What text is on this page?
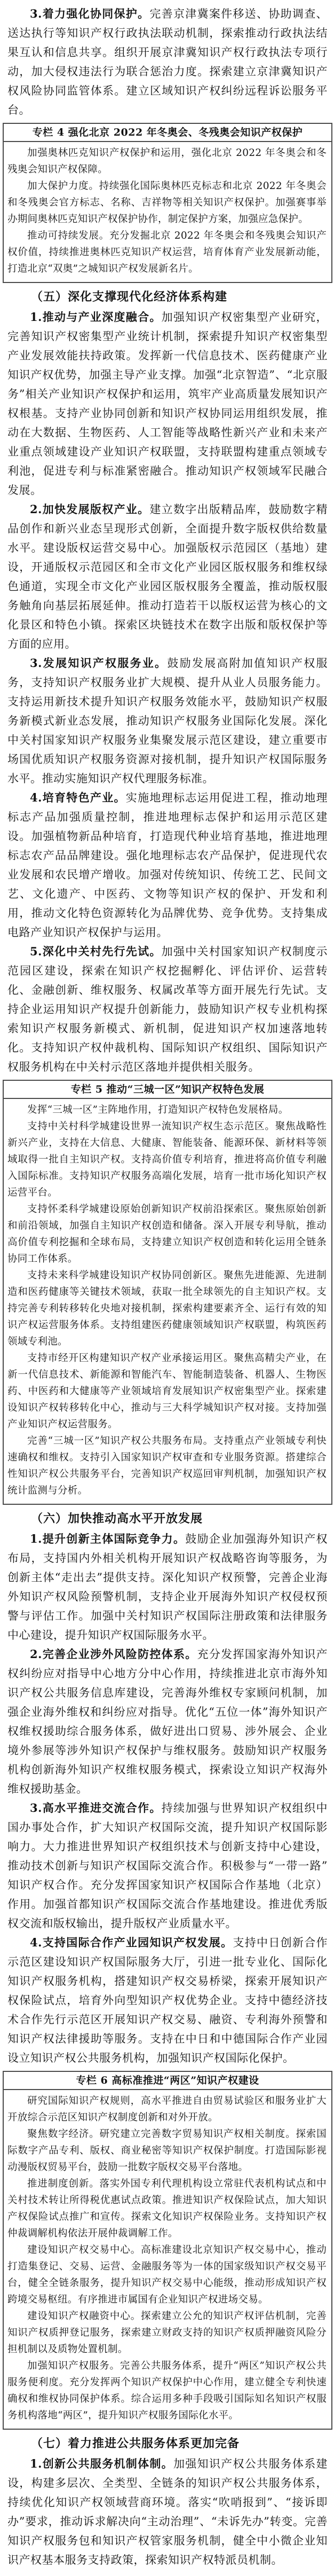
3.着力强化协同保护。完善京津冀案件移送、协助调查、送达执行等知识产权行政执法联动机制，探索推动行政执法结果互认和信息共享。组织开展京津冀知识产权行政执法专项行动，加大侵权违法行为联合惩治力度。探索建立京津冀知识产权风险协同监管体系。建立区域知识产权纠纷远程诉讼服务平台。

专栏 4 强化北京 2022 年冬奥会、冬残奥会知识产权保护

加强奥林匹克知识产权保护和运用，强化北京 2022 年冬奥会和冬残奥会知识产权保障。

加大保护力度。持续强化国际奥林匹克标志和北京 2022 年冬奥会和冬残奥会官方标志、名称、吉祥物等相关知识产权保护。加强赛事举办期间奥林匹克知识产权保护协作，制定保护方案，加强应急保护。

推动可持续发展。充分发掘北京 2022 年冬奥会和冬残奥会知识产权价值，持续推进奥林匹克知识产权运营，培育体育产业发展新动能，打造北京“双奥”之城知识产权发展新名片。

（五）深化支撑现代化经济体系构建

1.推动与产业深度融合。加强知识产权密集型产业研究，完善知识产权密集型产业统计机制，探索提升知识产权密集型产业发展效能扶持政策。发挥新一代信息技术、医药健康产业知识产权优势，加强主导产业支撑。加强“北京智造”、“北京服务”相关产业知识产权保护和运用，筑牢产业高质量发展知识产权根基。支持产业协同创新和知识产权协同运用组织发展，推动在大数据、生物医药、人工智能等战略性新兴产业和未来产业重点领域建设产业知识产权联盟，支持联盟构建重点领域专利池，促进专利与标准紧密融合。推动知识产权领域军民融合发展。

2.加快发展版权产业。建立数字出版精品库，鼓励数字精品创作和新兴业态呈现形式创新，全面提升数字版权供给数量水平。建设版权运营交易中心。加强版权示范园区（基地）建设，开通版权示范园区和全市文化产业园区版权服务和维权绿色通道，实现全市文化产业园区版权服务全覆盖，推动版权服务触角向基层拓展延伸。推动打造若干以版权运营为核心的文化景区和特色小镇。探索区块链技术在数字出版和版权保护等方面的应用。

3.发展知识产权服务业。鼓励发展高附加值知识产权服务，支持知识产权服务业扩大规模、提升从业人员服务能力。支持运用新技术提升知识产权服务效能水平，鼓励知识产权服务新模式新业态发展，推动知识产权服务业国际化发展。深化中关村国家知识产权服务业集聚发展示范区建设，建立重要市场国优质知识产权服务资源对接机制，提升知识产权国际服务水平。推动实施知识产权代理服务标准。

4.培育特色产业。实施地理标志运用促进工程，推动地理标志产品加强质量控制，推进地理标志保护和运用示范区建设。加强植物新品种培育，打造现代种业培育基地，推进地理标志农产品品牌建设。强化地理标志农产品保护，促进现代农业发展和农民增产增收。加强对传统知识、传统工艺、民间文艺、文化遗产、中医药、文物等知识产权的保护、开发和利用，推动文化特色资源转化为品牌优势、竞争优势。支持集成电路产业知识产权保护与运用。

5.深化中关村先行先试。加强中关村国家知识产权制度示范园区建设，探索在知识产权挖掘孵化、评估评价、运营转化、金融创新、维权服务、权属改革等方面开展先行先试。支持企业运用知识产权提升创新能力，鼓励知识产权专业机构探索知识产权服务新模式、新机制，促进知识产权加速落地转化。支持知识产权仲裁机构、国际知识产权组织、国际知识产权服务机构在中关村示范区落地并提供相关服务。

专栏 5 推动“三城一区”知识产权特色发展

发挥“三城一区”主阵地作用，打造知识产权特色发展格局。

支持中关村科学城建设世界一流知识产权生态示范区。聚焦战略性新兴产业，支持在大信息、大健康、智能装备、能源环保、新材料等领域取得一批自主知识产权。支持高价值专利培育，推进将高价值专利融入国际标准。支持知识产权服务高端化发展，培育一批市场化知识产权运营平台。

支持怀柔科学城建设原始创新知识产权前沿探索区。聚焦原始创新和前沿领域，加强自主知识产权创造和储备。深入开展专利导航，推动高价值专利挖掘和全球布局，支持建立知识产权创造和转化运用全链条协同工作体系。

支持未来科学城建设知识产权协同创新区。聚焦先进能源、先进制造和医药健康等关键技术领域，获取一批全球领先的自主知识产权。支持完善专利转移转化央地对接机制，探索构建要素齐全、运行有效的知识产权运营服务体系。支持组建医药健康领域知识产权联盟，构筑医药领域专利池。

支持市经开区构建知识产权产业承接运用区。聚焦高精尖产业，在新一代信息技术、新能源和智能汽车、智能制造装备、机器人、生物医药、中医药和大健康等产业领域培育发展知识产权密集型产业。探索建设知识产权转移转化中心，推动与三大科学城知识产权对接。支持加强产业知识产权运营服务。

完善“三城一区”知识产权公共服务布局。支持重点产业领域专利快速确权和维权。支持引入国家知识产权审查和专业服务资源。搭建综合性知识产权公共服务平台，完善知识产权巡回审判机制，加强知识产权统计监测与分析。

（六）加快推动高水平开放发展

1.提升创新主体国际竞争力。鼓励企业加强海外知识产权布局，支持国内外相关机构开展知识产权战略咨询等服务，为创新主体“走出去”提供支持。深化知识产权预警，完善企业海外知识产权风险预警机制，支持企业开展海外知识产权侵权预警与评估工作。加强中关村知识产权国际注册政策和法律服务中心建设，提升知识产权国际服务水平。

2.完善企业涉外风险防控体系。充分发挥国家海外知识产权纠纷应对指导中心地方分中心作用，持续推进北京市海外知识产权公共服务信息库建设，完善海外维权专家顾问机制，加强企业海外维权和纠纷应对指导。优化“五位一体”海外知识产权维权援助综合服务体系，做好进出口贸易、涉外展会、企业境外参展等涉外知识产权保护与维权服务。鼓励知识产权服务机构创新海外知识产权维权服务模式，探索设立知识产权海外维权援助基金。

3.高水平推进交流合作。持续加强与世界知识产权组织中国办事处合作，扩大知识产权国际交流，提升知识产权国际影响力。大力推进世界知识产权组织技术与创新支持中心建设，推动技术创新与知识产权国际交流合作。积极参与“一带一路”知识产权合作。充分发挥国家知识产权国际合作基地（北京）作用。加强首都知识产权国际交流合作基地建设。推进优秀版权交流和版权输出，提升版权产业质量水平。

4.支持国际合作产业园知识产权发展。支持中日创新合作示范区建设知识产权国际服务大厅，引进一批专业化、国际化知识产权服务机构，搭建知识产权交易桥梁，探索开展知识产权保险试点，培育外向型知识产权优势企业。支持中德经济技术合作先行示范区开展知识产权交易、融资、专利海外预警和知识产权法律援助等服务。支持在中日和中德国际合作产业园设立知识产权公共服务机构，加强知识产权国际化保护。

专栏 6 高标准推进“两区”知识产权建设

研究国际知识产权规则，高水平推进自由贸易试验区和服务业扩大开放综合示范区知识产权制度创新和对外开放。

聚焦数字经济。研究建立完善数字贸易知识产权相关制度。探索国际数字产品专利、版权、商业秘密等知识产权保护制度。打造国际影视动漫版权贸易平台，鼓励一批数字版权交易平台落地。

推进制度创新。落实外国专利代理机构设立常驻代表机构试点和中关村技术转让所得税优惠试点政策。推进知识产权保险试点，加大知识产权保险试点推广和宣传。探索文化知识产权保险业务。支持知识产权仲裁调解机构依法开展仲裁调解工作。

建设知识产权交易中心。高标准建设北京知识产权交易中心，推动打造集登记、交易、运营、金融服务等为一体的国家级知识产权交易平台，健全全链条服务，提升知识产权交易中心能级，推动形成知识产权跨境交易枢纽。有序推进市属国有企业知识产权进场交易。

建设知识产权融资中心。探索建立公允的知识产权评估机制，完善知识产权质押登记服务，探索建立财政支持的知识产权质押融资风险分担机制以及质物处置机制。

加强知识产权服务。完善公共服务体系，提升“两区”知识产权公共服务便利度。充分发挥两个知识产权保护中心作用，建立健全专利快速确权和维权协同保护体系。综合运用多种手段吸引国际知名知识产权服务机构落地“两区”，提升知识产权服务国际化水平。

（七）着力推进公共服务体系更加完备

1.创新公共服务机制体制。加强知识产权公共服务体系建设，构建多层次、全类型、全链条的知识产权公共服务体系，持续优化知识产权领域营商环境。落实“吹哨报到”、“接诉即办”要求，推动诉求解决向“主动治理”、“未诉先办”转变。完善知识产权服务包和知识产权管家服务机制，健全中小微企业知识产权基本服务支持政策，探索知识产权特派员机制。
